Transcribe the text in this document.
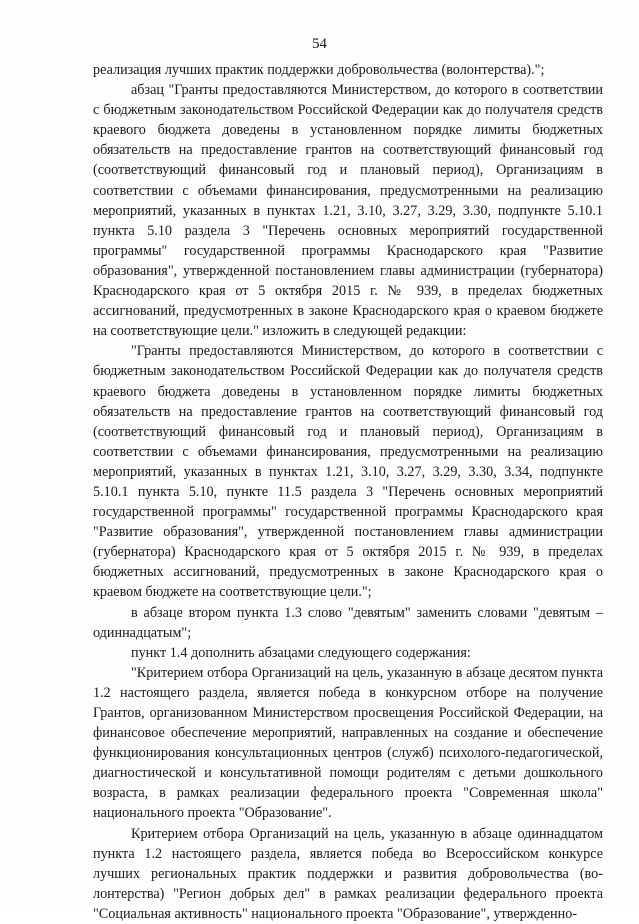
54

реализация лучших практик поддержки добровольчества (волонтерства).";

абзац "Гранты предоставляются Министерством, до которого в соответствии с бюджетным законодательством Российской Федерации как до получателя средств краевого бюджета доведены в установленном порядке лимиты бюджетных обязательств на предоставление грантов на соответствующий финансовый год (соответствующий финансовый год и плановый период), Организациям в соответствии с объемами финансирования, предусмотренными на реализацию мероприятий, указанных в пунктах 1.21, 3.10, 3.27, 3.29, 3.30, подпункте 5.10.1 пункта 5.10 раздела 3 "Перечень основных мероприятий государственной программы" государственной программы Краснодарского края "Развитие образования", утвержденной постановлением главы администрации (губернатора) Краснодарского края от 5 октября 2015 г. № 939, в пределах бюджетных ассигнований, предусмотренных в законе Краснодарского края о краевом бюджете на соответствующие цели." изложить в следующей редакции:

"Гранты предоставляются Министерством, до которого в соответствии с бюджетным законодательством Российской Федерации как до получателя средств краевого бюджета доведены в установленном порядке лимиты бюджетных обязательств на предоставление грантов на соответствующий финансовый год (соответствующий финансовый год и плановый период), Организациям в соответствии с объемами финансирования, предусмотренными на реализацию мероприятий, указанных в пунктах 1.21, 3.10, 3.27, 3.29, 3.30, 3.34, подпункте 5.10.1 пункта 5.10, пункте 11.5 раздела 3 "Перечень основных мероприятий государственной программы" государственной программы Краснодарского края "Развитие образования", утвержденной постановлением главы администрации (губернатора) Краснодарского края от 5 октября 2015 г. № 939, в пределах бюджетных ассигнований, предусмотренных в законе Краснодарского края о краевом бюджете на соответствующие цели.";

в абзаце втором пункта 1.3 слово "девятым" заменить словами "девятым – одиннадцатым";

пункт 1.4 дополнить абзацами следующего содержания:

"Критерием отбора Организаций на цель, указанную в абзаце десятом пункта 1.2 настоящего раздела, является победа в конкурсном отборе на получение Грантов, организованном Министерством просвещения Российской Федерации, на финансовое обеспечение мероприятий, направленных на создание и обеспечение функционирования консультационных центров (служб) психолого-педагогической, диагностической и консультативной помощи родителям с детьми дошкольного возраста, в рамках реализации федерального проекта "Современная школа" национального проекта "Образование".

Критерием отбора Организаций на цель, указанную в абзаце одиннадцатом пункта 1.2 настоящего раздела, является победа во Всероссийском конкурсе лучших региональных практик поддержки и развития добровольчества (волонтерства) "Регион добрых дел" в рамках реализации федерального проекта "Социальная активность" национального проекта "Образование", утвержденно-
